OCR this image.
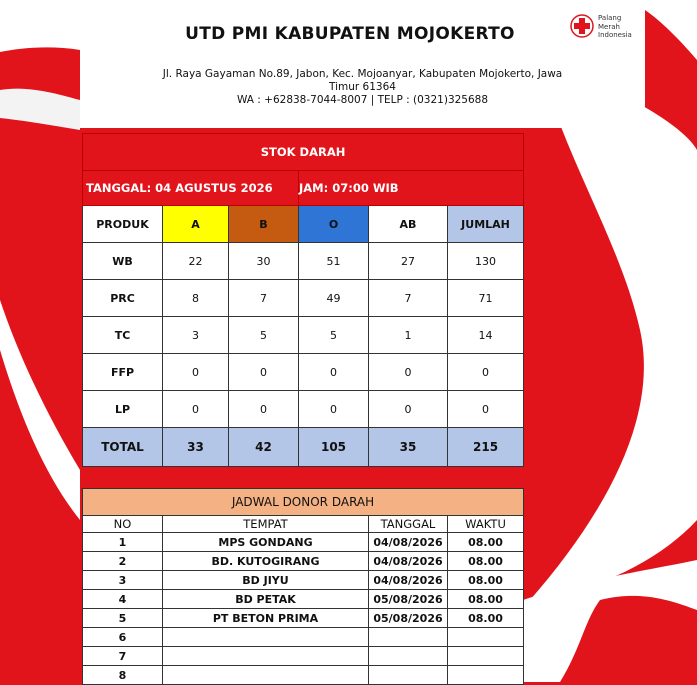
UTD PMI KABUPATEN MOJOKERTO
Palang Merah Indonesia
Jl. Raya Gayaman No.89, Jabon, Kec. Mojoanyar, Kabupaten Mojokerto, Jawa Timur 61364
WA : +62838-7044-8007 | TELP : (0321)325688
STOK DARAH					
TANGGAL: 04 AGUSTUS 2026			JAM: 07:00 WIB		
PRODUK	A	B	O	AB	JUMLAH
WB	22	30	51	27	130
PRC	8	7	49	7	71
TC	3	5	5	1	14
FFP	0	0	0	0	0
LP	0	0	0	0	0
TOTAL	33	42	105	35	215
JADWAL DONOR DARAH			
NO	TEMPAT	TANGGAL	WAKTU
1	MPS GONDANG	04/08/2026	08.00
2	BD. KUTOGIRANG	04/08/2026	08.00
3	BD JIYU	04/08/2026	08.00
4	BD PETAK	05/08/2026	08.00
5	PT BETON PRIMA	05/08/2026	08.00
6			
7			
8			
